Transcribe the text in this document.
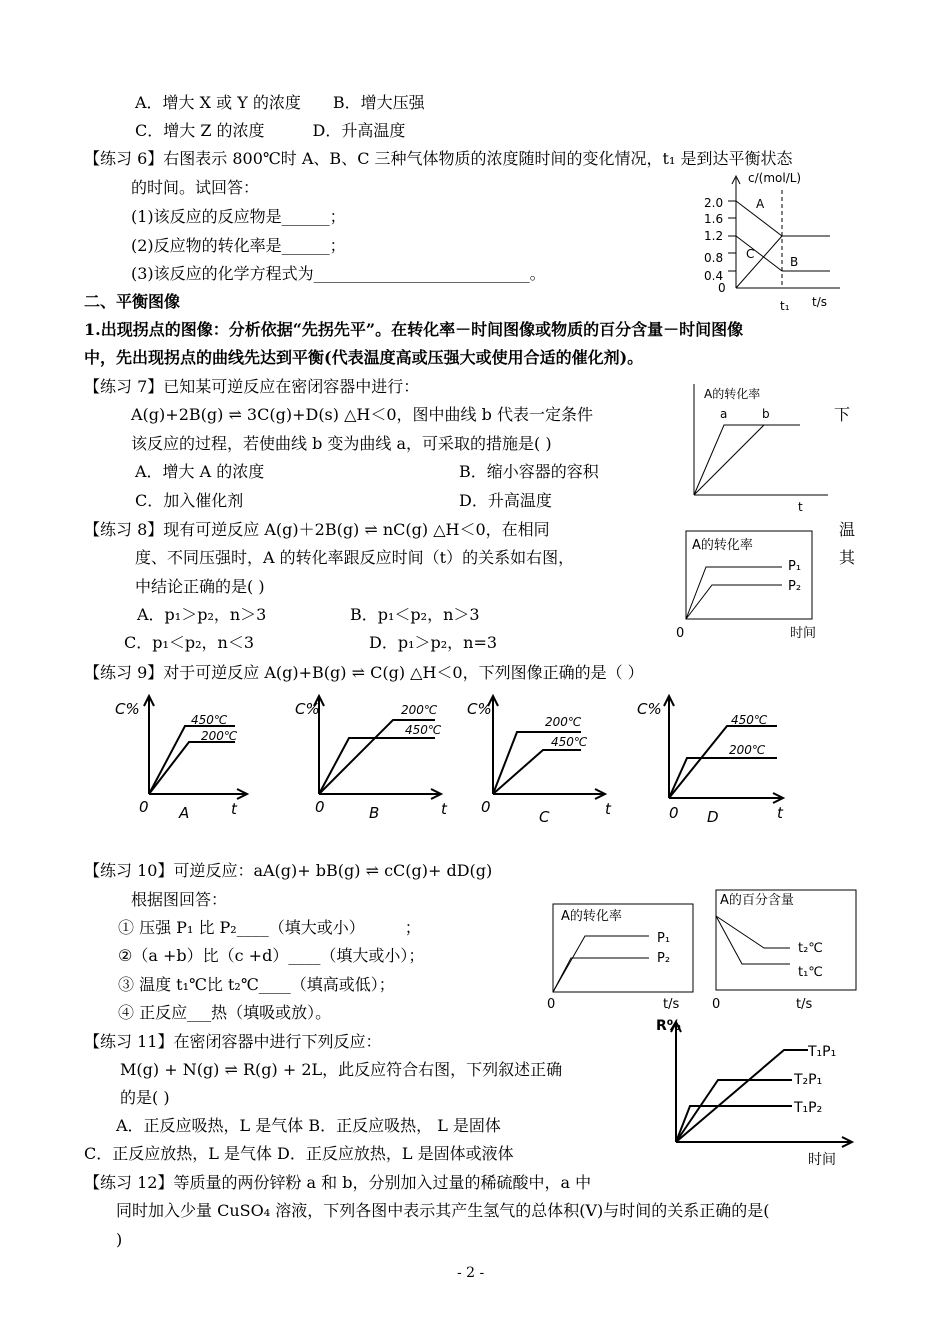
A．增大 X 或 Y 的浓度　　B．增大压强
C．增大 Z 的浓度　　　D．升高温度
【练习 6】右图表示 800℃时 A、B、C 三种气体物质的浓度随时间的变化情况，t₁ 是到达平衡状态
的时间。试回答：
(1)该反应的反应物是______；
(2)反应物的转化率是______；
(3)该反应的化学方程式为___________________________。
二、平衡图像
1.出现拐点的图像：分析依据“先拐先平”。在转化率－时间图像或物质的百分含量－时间图像
中，先出现拐点的曲线先达到平衡(代表温度高或压强大或使用合适的催化剂)。
【练习 7】已知某可逆反应在密闭容器中进行：
A(g)+2B(g) ⇌ 3C(g)+D(s) △H＜0，图中曲线 b 代表一定条件	下
该反应的过程，若使曲线 b 变为曲线 a，可采取的措施是( )
A．增大 A 的浓度	B．缩小容器的容积
C．加入催化剂	D．升高温度
【练习 8】现有可逆反应 A(g)＋2B(g) ⇌ nC(g) △H＜0，在相同	温
度、不同压强时，A 的转化率跟反应时间（t）的关系如右图，	其
中结论正确的是( )
A．p₁＞p₂，n＞3	B．p₁＜p₂，n＞3
C．p₁＜p₂，n＜3	D．p₁＞p₂，n=3
【练习 9】对于可逆反应 A(g)+B(g) ⇌ C(g) △H＜0，下列图像正确的是（ ）
【练习 10】可逆反应：aA(g)+ bB(g) ⇌ cC(g)+ dD(g)
根据图回答：
① 压强 P₁ 比 P₂____（填大或小）　　　；
②（a +b）比（c +d）____（填大或小）；
③ 温度 t₁℃比 t₂℃____（填高或低）；
④ 正反应___热（填吸或放）。
【练习 11】在密闭容器中进行下列反应：
M(g) + N(g) ⇌ R(g) + 2L，此反应符合右图，下列叙述正确
的是( )
A．正反应吸热，L 是气体 B．正反应吸热， L 是固体
C．正反应放热，L 是气体 D．正反应放热，L 是固体或液体
【练习 12】等质量的两份锌粉 a 和 b，分别加入过量的稀硫酸中，a 中
同时加入少量 CuSO₄ 溶液，下列各图中表示其产生氢气的总体积(V)与时间的关系正确的是(
)
- 2 -
c/(mol/L)
2.0
1.6
1.2
0.8
0.4
0
A
C
B
t₁ t/s
A的转化率
a	b
t
A的转化率
P₁
P₂
0	时间
C%
0 A	t
450℃
200℃
C%
0	B	t
200℃
450℃
C%
0
C	t
200℃
450℃
C%
0 D	t
450℃
200℃
A的转化率
P₁
P₂
0	t/s
A的百分含量
t₂℃
t₁℃
0	t/s
R%
T₁P₁
T₂P₁
T₁P₂
时间
